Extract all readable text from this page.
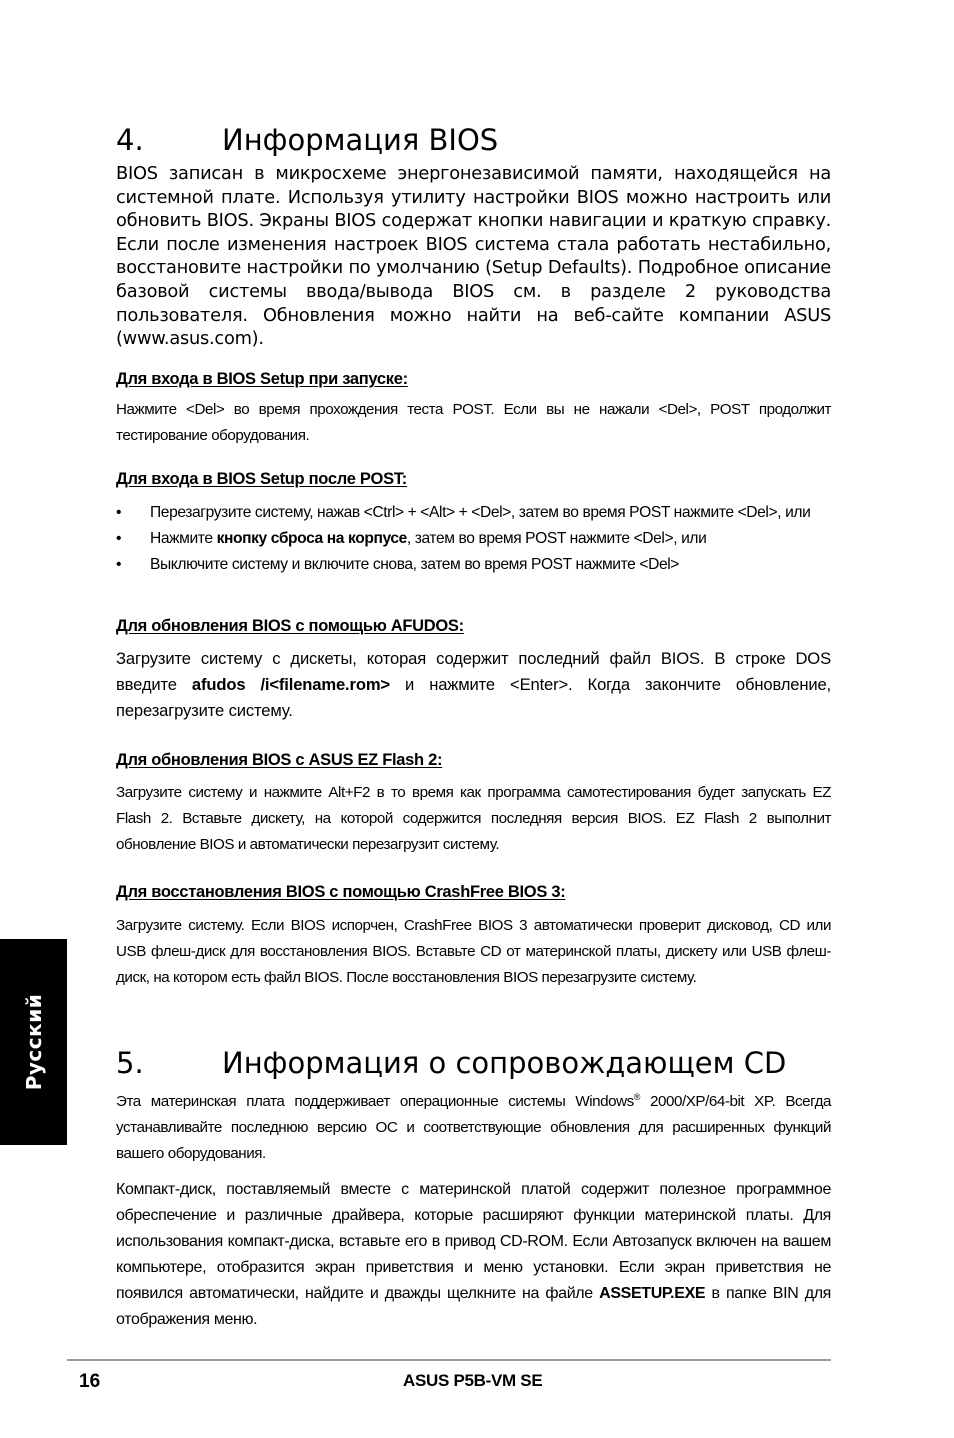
4.	Информация BIOS

BIOS записан в микросхеме энергонезависимой памяти, находящейся на системной плате. Используя утилиту настройки BIOS можно настроить или обновить BIOS. Экраны BIOS содержат кнопки навигации и краткую справку. Если после изменения настроек BIOS система стала работать нестабильно, восстановите настройки по умолчанию (Setup Defaults). Подробное описание базовой системы ввода/вывода BIOS см. в разделе 2 руководства пользователя. Обновления можно найти на веб-сайте компании ASUS (www.asus.com).

Для входа в BIOS Setup при запуске:

Нажмите <Del> во время прохождения теста POST. Если вы не нажали <Del>, POST продолжит тестирование оборудования.

Для входа в BIOS Setup после POST:
• Перезагрузите систему, нажав <Ctrl> + <Alt> + <Del>, затем во время POST нажмите <Del>, или
• Нажмите кнопку сброса на корпусе, затем во время POST нажмите <Del>, или
• Выключите систему и включите снова, затем во время POST нажмите <Del>
Для обновления BIOS с помощью AFUDOS:

Загрузите систему с дискеты, которая содержит последний файл BIOS. В строке DOS введите afudos /i<filename.rom> и нажмите <Enter>. Когда закончите обновление, перезагрузите систему.

Для обновления BIOS с ASUS EZ Flash 2:

Загрузите систему и нажмите Alt+F2 в то время как программа самотестирования будет запускать EZ Flash 2. Вставьте дискету, на которой содержится последняя версия BIOS. EZ Flash 2 выполнит обновление BIOS и автоматически перезагрузит систему.

Для восстановления BIOS с помощью CrashFree BIOS 3:

Загрузите систему. Если BIOS испорчен, CrashFree BIOS 3 автоматически проверит дисковод, CD или USB флеш-диск для восстановления BIOS. Вставьте CD от материнской платы, дискету или USB флеш-диск, на котором есть файл BIOS. После восстановления BIOS перезагрузите систему.

5.	Информация о сопровождающем CD

Эта материнская плата поддерживает операционные системы Windows® 2000/XP/64-bit XP. Всегда устанавливайте последнюю версию ОС и соответствующие обновления для расширенных функций вашего оборудования.

Компакт-диск, поставляемый вместе с материнской платой содержит полезное программное обреспечение и различные драйвера, которые расширяют функции материнской платы. Для использования компакт-диска, вставьте его в привод CD-ROM. Если Автозапуск включен на вашем компьютере, отобразится экран приветствия и меню установки. Если экран приветствия не появился автоматически, найдите и дважды щелкните на файле ASSETUP.EXE в папке BIN для отображения меню.

Русский
16	ASUS P5B-VM SE
